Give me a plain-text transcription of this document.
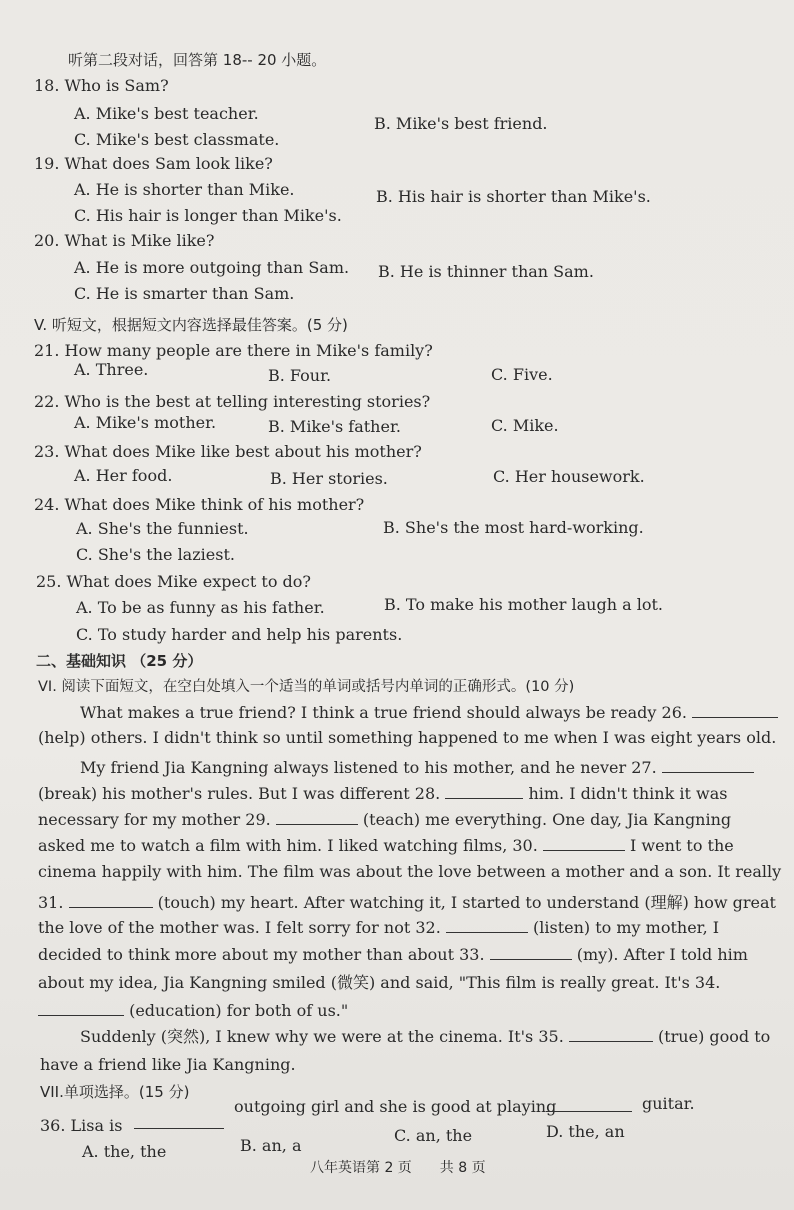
听第二段对话，回答第 18-- 20 小题。
18. Who is Sam?
A. Mike's best teacher.
B. Mike's best friend.
C. Mike's best classmate.
19. What does Sam look like?
A. He is shorter than Mike.	B. His hair is shorter than Mike's.
C. His hair is longer than Mike's.
20. What is Mike like?
A. He is more outgoing than Sam. B. He is thinner than Sam.
C. He is smarter than Sam.
V. 听短文，根据短文内容选择最佳答案。(5 分)
21. How many people are there in Mike's family?
A. Three.	B. Four.	C. Five.
22. Who is the best at telling interesting stories?
A. Mike's mother.	B. Mike's father.	C. Mike.
23. What does Mike like best about his mother?
A. Her food.	B. Her stories.	C. Her housework.
24. What does Mike think of his mother?
A. She's the funniest.	B. She's the most hard-working.
C. She's the laziest.
25. What does Mike expect to do?
A. To be as funny as his father.	B. To make his mother laugh a lot.
C. To study harder and help his parents.
二、基础知识 （25 分）
VI. 阅读下面短文，在空白处填入一个适当的单词或括号内单词的正确形式。(10 分)
What makes a true friend? I think a true friend should always be ready 26.
(help) others. I didn't think so until something happened to me when I was eight years old.
My friend Jia Kangning always listened to his mother, and he never 27.
(break) his mother's rules. But I was different 28.	him. I didn't think it was
necessary for my mother 29.	(teach) me everything. One day, Jia Kangning
asked me to watch a film with him. I liked watching films, 30.	I went to the
cinema happily with him. The film was about the love between a mother and a son. It really
31.	(touch) my heart. After watching it, I started to understand (理解) how great
the love of the mother was. I felt sorry for not 32.	(listen) to my mother, I
decided to think more about my mother than about 33.	(my). After I told him
about my idea, Jia Kangning smiled (微笑) and said, "This film is really great. It's 34.
(education) for both of us."
Suddenly (突然), I knew why we were at the cinema. It's 35.	(true) good to
have a friend like Jia Kangning.
VII.单项选择。(15 分)
36. Lisa is
outgoing girl and she is good at playing	guitar.
A. the, the	B. an, a
C. an, the	D. the, an
八年英语第 2 页　　共 8 页
